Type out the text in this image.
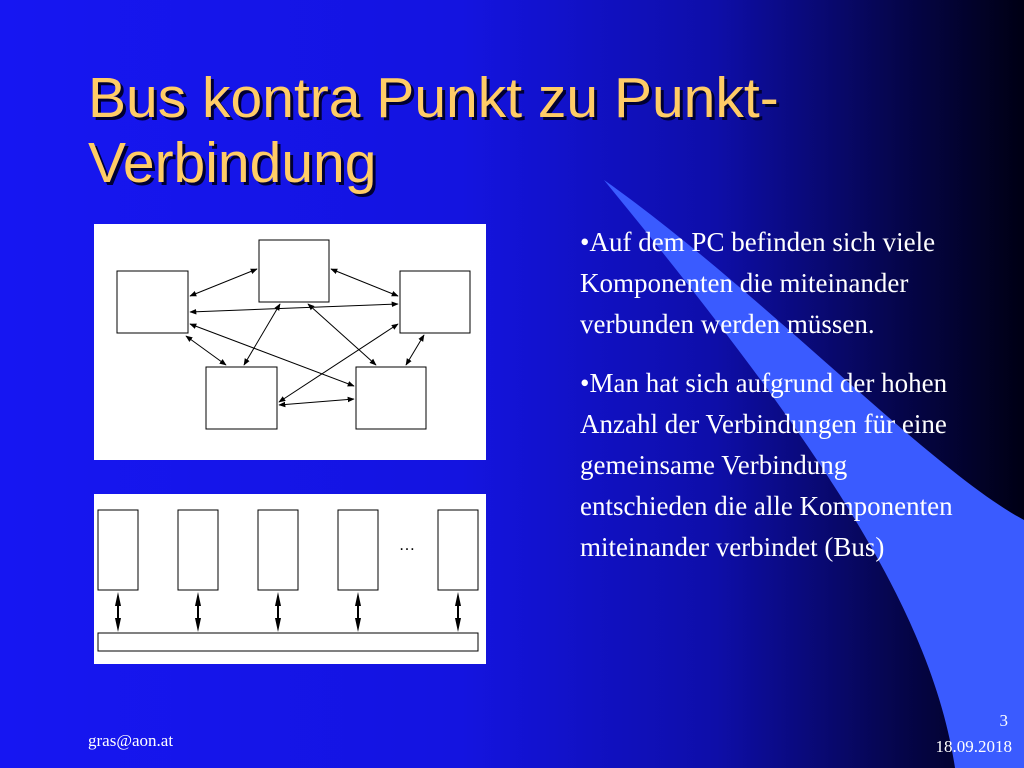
Bus kontra Punkt zu Punkt-Verbindung
…
•Auf dem PC befinden sich viele Komponenten die miteinander verbunden werden müssen.
•Man hat sich aufgrund der hohen Anzahl der Verbindungen für eine gemeinsame Verbindung entschieden die alle Komponenten miteinander verbindet (Bus)
gras@aon.at
3
18.09.2018
